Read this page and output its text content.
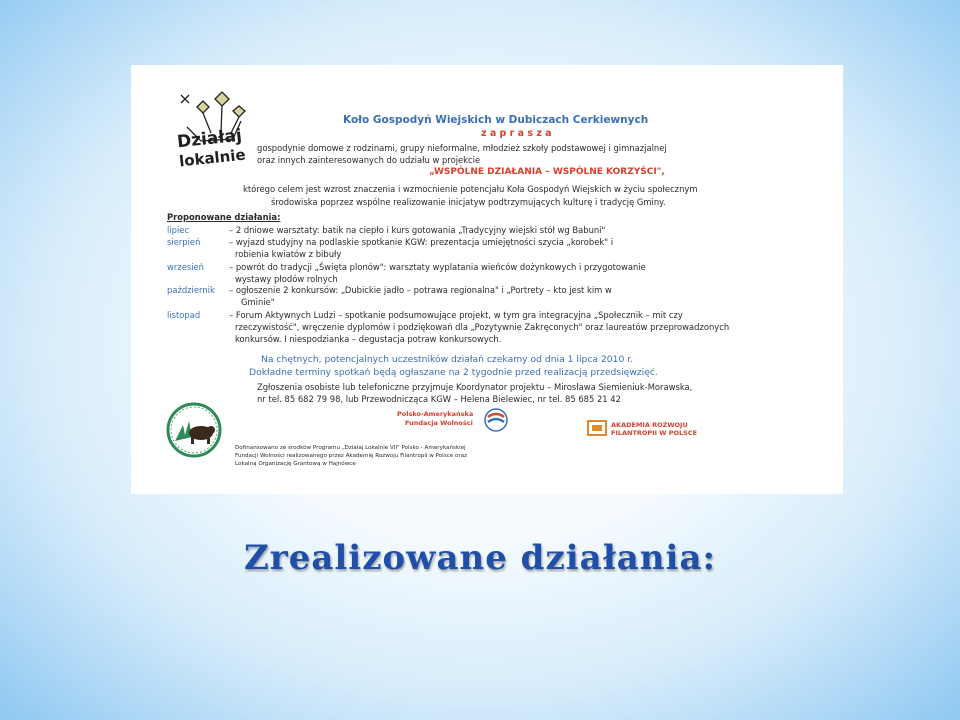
Działaj
lokalnie
Koło Gospodyń Wiejskich w Dubiczach Cerkiewnych
z a p r a s z a
gospodynie domowe z rodzinami, grupy nieformalne, młodzież szkoły podstawowej i gimnazjalnej
oraz innych zainteresowanych do udziału w projekcie
„WSPÓLNE DZIAŁANIA – WSPÓLNE KORZYŚCI",
którego celem jest wzrost znaczenia i wzmocnienie potencjału Koła Gospodyń Wiejskich w życiu społecznym
środowiska poprzez wspólne realizowanie inicjatyw podtrzymujących kulturę i tradycję Gminy.
Proponowane działania:
lipiec	– 2 dniowe warsztaty: batik na ciepło i kurs gotowania „Tradycyjny wiejski stół wg Babuni"
sierpień	– wyjazd studyjny na podlaskie spotkanie KGW: prezentacja umiejętności szycia „korobek" i
robienia kwiatów z bibuły
wrzesień	– powrót do tradycji „Święta plonów": warsztaty wyplatania wieńców dożynkowych i przygotowanie
wystawy płodów rolnych
październik – ogłoszenie 2 konkursów: „Dubickie jadło – potrawa regionalna" i „Portrety – kto jest kim w
Gminie"
listopad	– Forum Aktywnych Ludzi – spotkanie podsumowujące projekt, w tym gra integracyjna „Społecznik – mit czy
rzeczywistość", wręczenie dyplomów i podziękowań dla „Pozytywnie Zakręconych" oraz laureatów przeprowadzonych
konkursów. I niespodzianka – degustacja potraw konkursowych.
Na chętnych, potencjalnych uczestników działań czekamy od dnia 1 lipca 2010 r.
Dokładne terminy spotkań będą ogłaszane na 2 tygodnie przed realizacją przedsięwzięć.
Zgłoszenia osobiste lub telefoniczne przyjmuje Koordynator projektu – Mirosława Siemieniuk-Morawska,
nr tel. 85 682 79 98, lub Przewodnicząca KGW – Helena Bielewiec, nr tel. 85 685 21 42
Polsko-Amerykańska
Fundacja Wolności	AKADEMIA ROZWOJU
FILANTROPII W POLSCE
Dofinansowano ze środków Programu „Działaj Lokalnie VII" Polsko - Amerykańskiej
Fundacji Wolności realizowanego przez Akademię Rozwoju Filantropii w Polsce oraz
Lokalną Organizację Grantową w Hajnówce
Zrealizowane działania:
